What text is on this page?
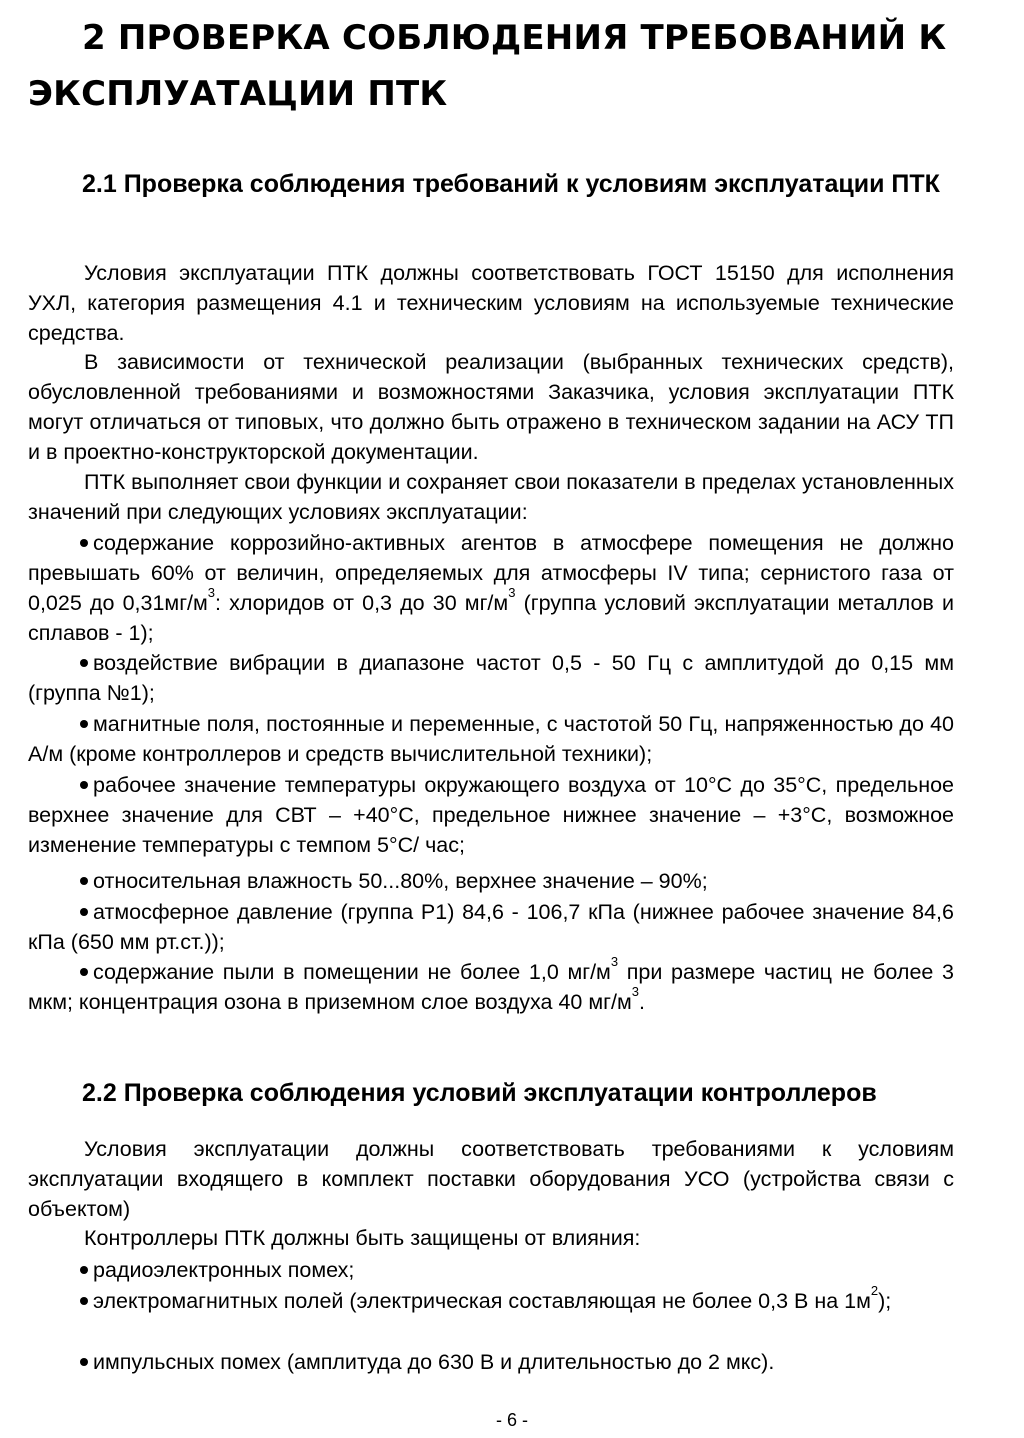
2 ПРОВЕРКА СОБЛЮДЕНИЯ ТРЕБОВАНИЙ К ЭКСПЛУАТАЦИИ ПТК
2.1 Проверка соблюдения требований к условиям эксплуатации ПТК
Условия эксплуатации ПТК должны соответствовать ГОСТ 15150 для исполнения УХЛ, категория размещения 4.1 и техническим условиям на используемые технические средства.
В зависимости от технической реализации (выбранных технических средств), обусловленной требованиями и возможностями Заказчика, условия эксплуатации ПТК могут отличаться от типовых, что должно быть отражено в техническом задании на АСУ ТП и в проектно-конструкторской документации.
ПТК выполняет свои функции и сохраняет свои показатели в пределах установленных значений при следующих условиях эксплуатации:
содержание коррозийно-активных агентов в атмосфере помещения не должно превышать 60% от величин, определяемых для атмосферы IV типа; сернистого газа от 0,025 до $0,31мг/м^3$: хлоридов от 0,3 до 30 $мг/м^3$ (группа условий эксплуатации металлов и сплавов - 1);
воздействие вибрации в диапазоне частот 0,5 - 50 Гц с амплитудой до 0,15 мм (группа №1);
магнитные поля, постоянные и переменные, с частотой 50 Гц, напряженностью до 40 А/м (кроме контроллеров и средств вычислительной техники);
рабочее значение температуры окружающего воздуха от 10°С до 35°С, предельное верхнее значение для СВТ – +40°С, предельное нижнее значение – +3°С, возможное изменение температуры с темпом 5°С/ час;
относительная влажность 50...80%, верхнее значение – 90%;
атмосферное давление (группа Р1) 84,6 - 106,7 кПа (нижнее рабочее значение 84,6 кПа (650 мм рт.ст.));
содержание пыли в помещении не более 1,0 $мг/м^3$ при размере частиц не более 3 мкм; концентрация озона в приземном слое воздуха 40 $мг/м^3$.
2.2 Проверка соблюдения условий эксплуатации контроллеров
Условия эксплуатации должны соответствовать требованиями к условиям эксплуатации входящего в комплект поставки оборудования УСО (устройства связи с объектом)
Контроллеры ПТК должны быть защищены от влияния:
радиоэлектронных помех;
электромагнитных полей (электрическая составляющая не более 0,3 В на $1м^2$);
импульсных помех (амплитуда до 630 В и длительностью до 2 мкс).
- 6 -
